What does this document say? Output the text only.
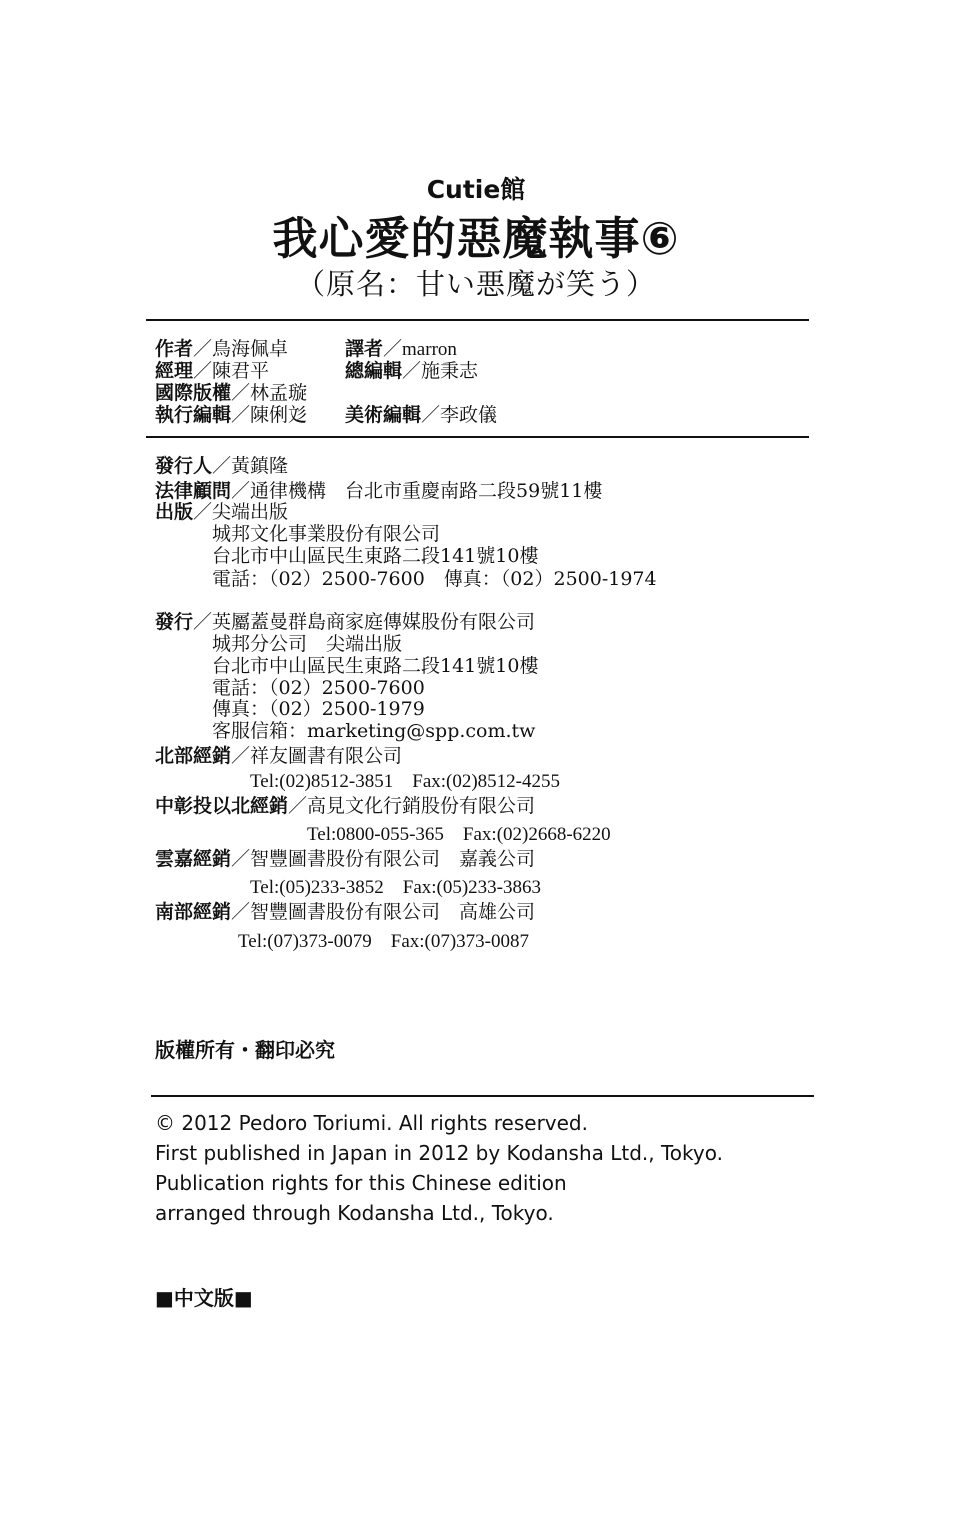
Cutie館
我心愛的惡魔執事⑥
（原名：甘い悪魔が笑う）
作者／鳥海佩卓	譯者／marron
經理／陳君平	總編輯／施秉志
國際版權／林孟璇
執行編輯／陳俐彣 美術編輯／李政儀
發行人／黃鎮隆
法律顧問／通律機構　台北市重慶南路二段59號11樓
出版／尖端出版
城邦文化事業股份有限公司
台北市中山區民生東路二段141號10樓
電話：（02）2500-7600　傳真：（02）2500-1974
發行／英屬蓋曼群島商家庭傳媒股份有限公司
城邦分公司　尖端出版
台北市中山區民生東路二段141號10樓
電話：（02）2500-7600
傳真：（02）2500-1979
客服信箱：marketing@spp.com.tw
北部經銷／祥友圖書有限公司
Tel:(02)8512-3851　Fax:(02)8512-4255
中彰投以北經銷／高見文化行銷股份有限公司
Tel:0800-055-365　Fax:(02)2668-6220
雲嘉經銷／智豐圖書股份有限公司　嘉義公司
Tel:(05)233-3852　Fax:(05)233-3863
南部經銷／智豐圖書股份有限公司　高雄公司
Tel:(07)373-0079　Fax:(07)373-0087
版權所有・翻印必究
© 2012 Pedoro Toriumi. All rights reserved.
First published in Japan in 2012 by Kodansha Ltd., Tokyo.
Publication rights for this Chinese edition
arranged through Kodansha Ltd., Tokyo.
■中文版■
